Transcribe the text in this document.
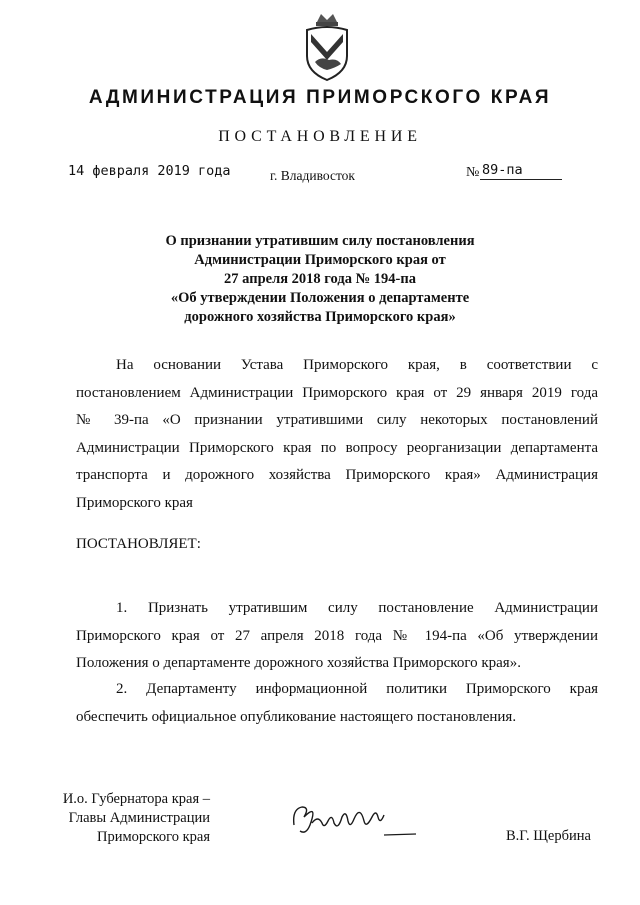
АДМИНИСТРАЦИЯ ПРИМОРСКОГО КРАЯ
ПОСТАНОВЛЕНИЕ
14 февраля 2019 года	г. Владивосток	№ 89-па
О признании утратившим силу постановления
Администрации Приморского края от
27 апреля 2018 года № 194-па
«Об утверждении Положения о департаменте
дорожного хозяйства Приморского края»
На основании Устава Приморского края, в соответствии с
постановлением Администрации Приморского края от 29 января 2019 года
№ 39-па «О признании утратившими силу некоторых постановлений
Администрации Приморского края по вопросу реорганизации департамента
транспорта и дорожного хозяйства Приморского края» Администрация
Приморского края
ПОСТАНОВЛЯЕТ:
1. Признать утратившим силу постановление Администрации
Приморского края от 27 апреля 2018 года № 194-па «Об утверждении
Положения о департаменте дорожного хозяйства Приморского края».
2. Департаменту информационной политики Приморского края
обеспечить официальное опубликование настоящего постановления.
И.о. Губернатора края –
Главы Администрации
Приморского края	В.Г. Щербина
